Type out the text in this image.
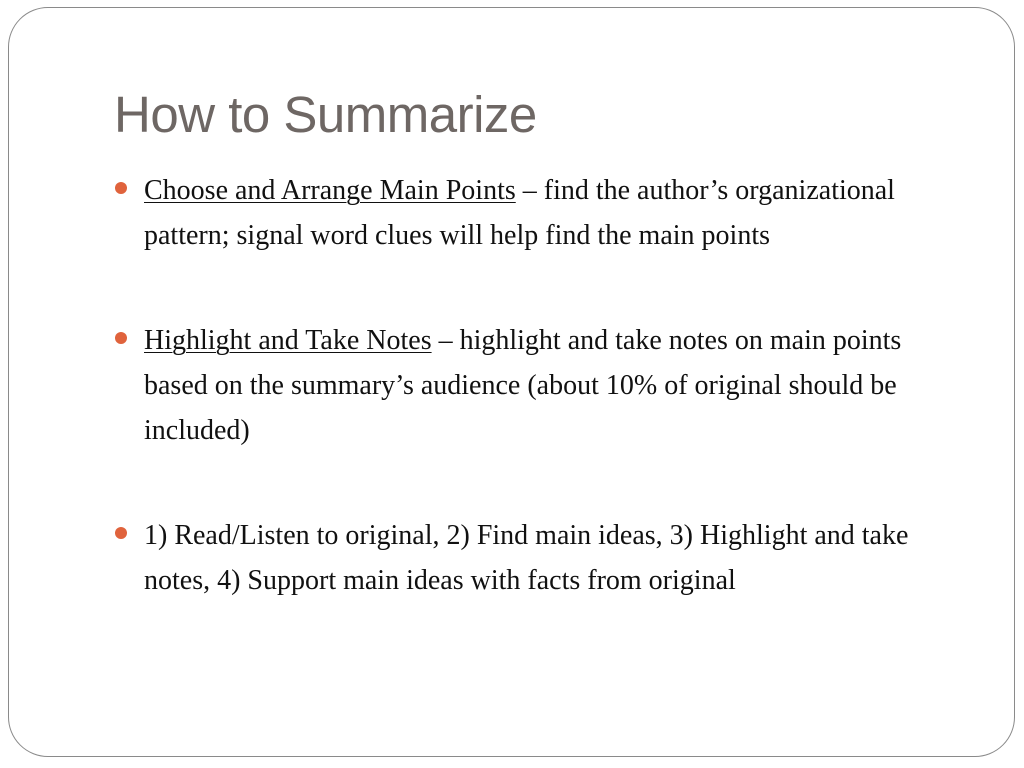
How to Summarize
Choose and Arrange Main Points – find the author’s organizational pattern; signal word clues will help find the main points
Highlight and Take Notes – highlight and take notes on main points based on the summary’s audience (about 10% of original should be included)
1) Read/Listen to original, 2) Find main ideas, 3) Highlight and take notes, 4) Support main ideas with facts from original
